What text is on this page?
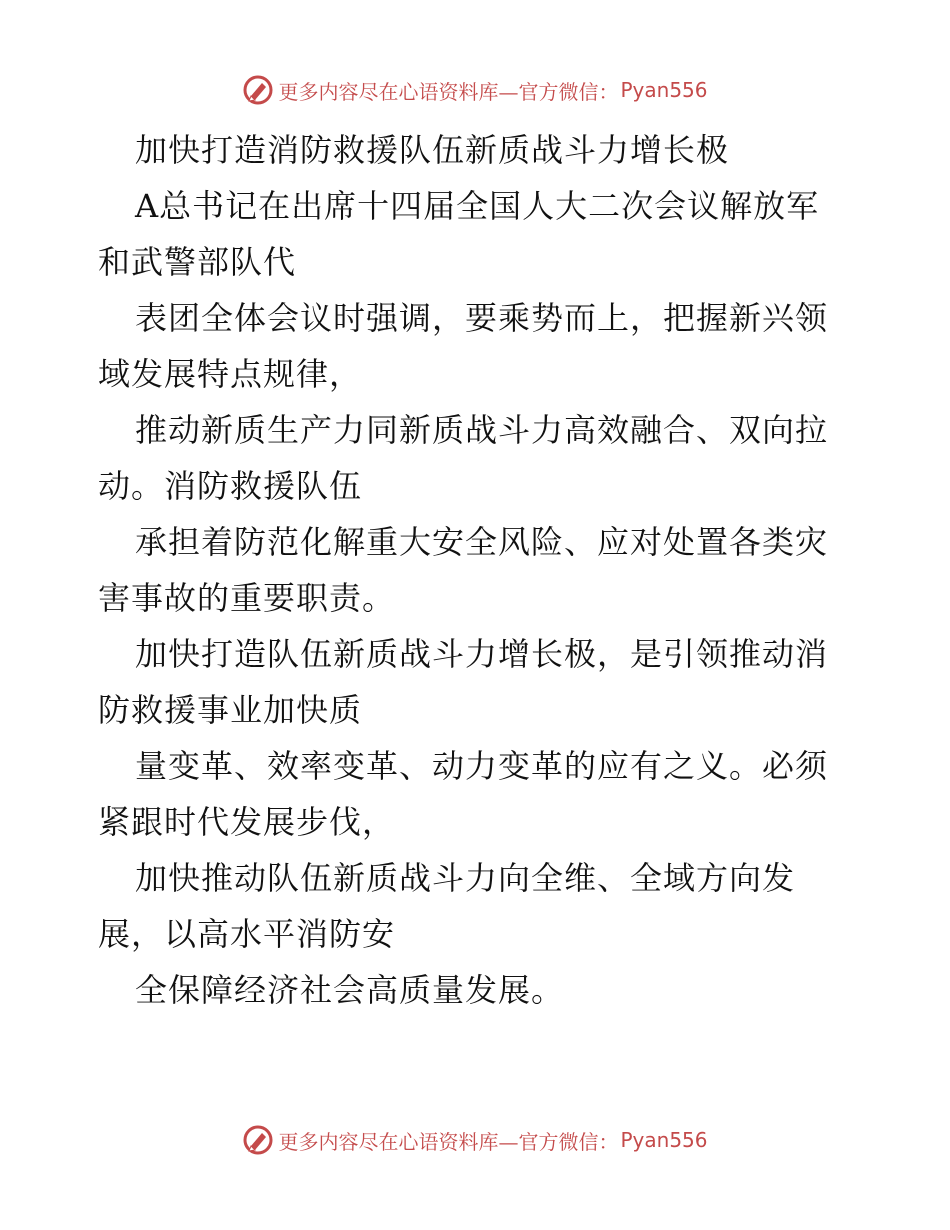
更多内容尽在心语资料库—官方微信： Pyan556
加快打造消防救援队伍新质战斗力增长极
A总书记在出席十四届全国人大二次会议解放军
和武警部队代
表团全体会议时强调，要乘势而上，把握新兴领
域发展特点规律，
推动新质生产力同新质战斗力高效融合、双向拉
动。消防救援队伍
承担着防范化解重大安全风险、应对处置各类灾
害事故的重要职责。
加快打造队伍新质战斗力增长极，是引领推动消
防救援事业加快质
量变革、效率变革、动力变革的应有之义。必须
紧跟时代发展步伐，
加快推动队伍新质战斗力向全维、全域方向发
展，以高水平消防安
全保障经济社会高质量发展。
更多内容尽在心语资料库—官方微信： Pyan556
